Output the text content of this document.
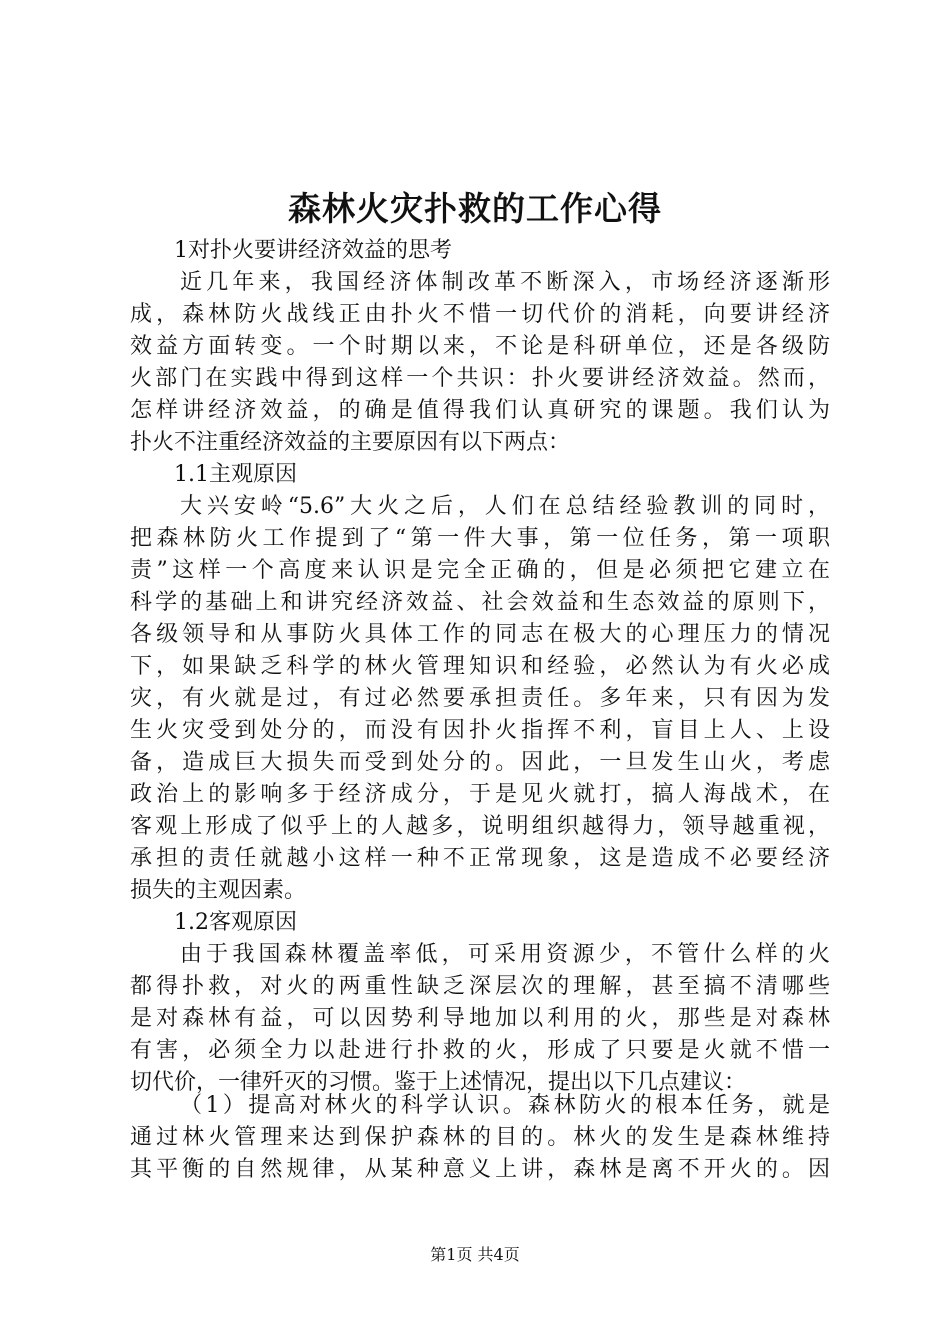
森林火灾扑救的工作心得
1对扑火要讲经济效益的思考
近几年来，我国经济体制改革不断深入，市场经济逐渐形
成，森林防火战线正由扑火不惜一切代价的消耗，向要讲经济
效益方面转变。一个时期以来，不论是科研单位，还是各级防
火部门在实践中得到这样一个共识：扑火要讲经济效益。然而，
怎样讲经济效益，的确是值得我们认真研究的课题。我们认为
扑火不注重经济效益的主要原因有以下两点：
1.1主观原因
大兴安岭“5.6”大火之后，人们在总结经验教训的同时，
把森林防火工作提到了“第一件大事，第一位任务，第一项职
责”这样一个高度来认识是完全正确的，但是必须把它建立在
科学的基础上和讲究经济效益、社会效益和生态效益的原则下，
各级领导和从事防火具体工作的同志在极大的心理压力的情况
下，如果缺乏科学的林火管理知识和经验，必然认为有火必成
灾，有火就是过，有过必然要承担责任。多年来，只有因为发
生火灾受到处分的，而没有因扑火指挥不利，盲目上人、上设
备，造成巨大损失而受到处分的。因此，一旦发生山火，考虑
政治上的影响多于经济成分，于是见火就打，搞人海战术，在
客观上形成了似乎上的人越多，说明组织越得力，领导越重视，
承担的责任就越小这样一种不正常现象，这是造成不必要经济
损失的主观因素。
1.2客观原因
由于我国森林覆盖率低，可采用资源少，不管什么样的火
都得扑救，对火的两重性缺乏深层次的理解，甚至搞不清哪些
是对森林有益，可以因势利导地加以利用的火，那些是对森林
有害，必须全力以赴进行扑救的火，形成了只要是火就不惜一
切代价，一律歼灭的习惯。鉴于上述情况，提出以下几点建议：
（1）提高对林火的科学认识。森林防火的根本任务，就是
通过林火管理来达到保护森林的目的。林火的发生是森林维持
其平衡的自然规律，从某种意义上讲，森林是离不开火的。因
第1页 共4页
